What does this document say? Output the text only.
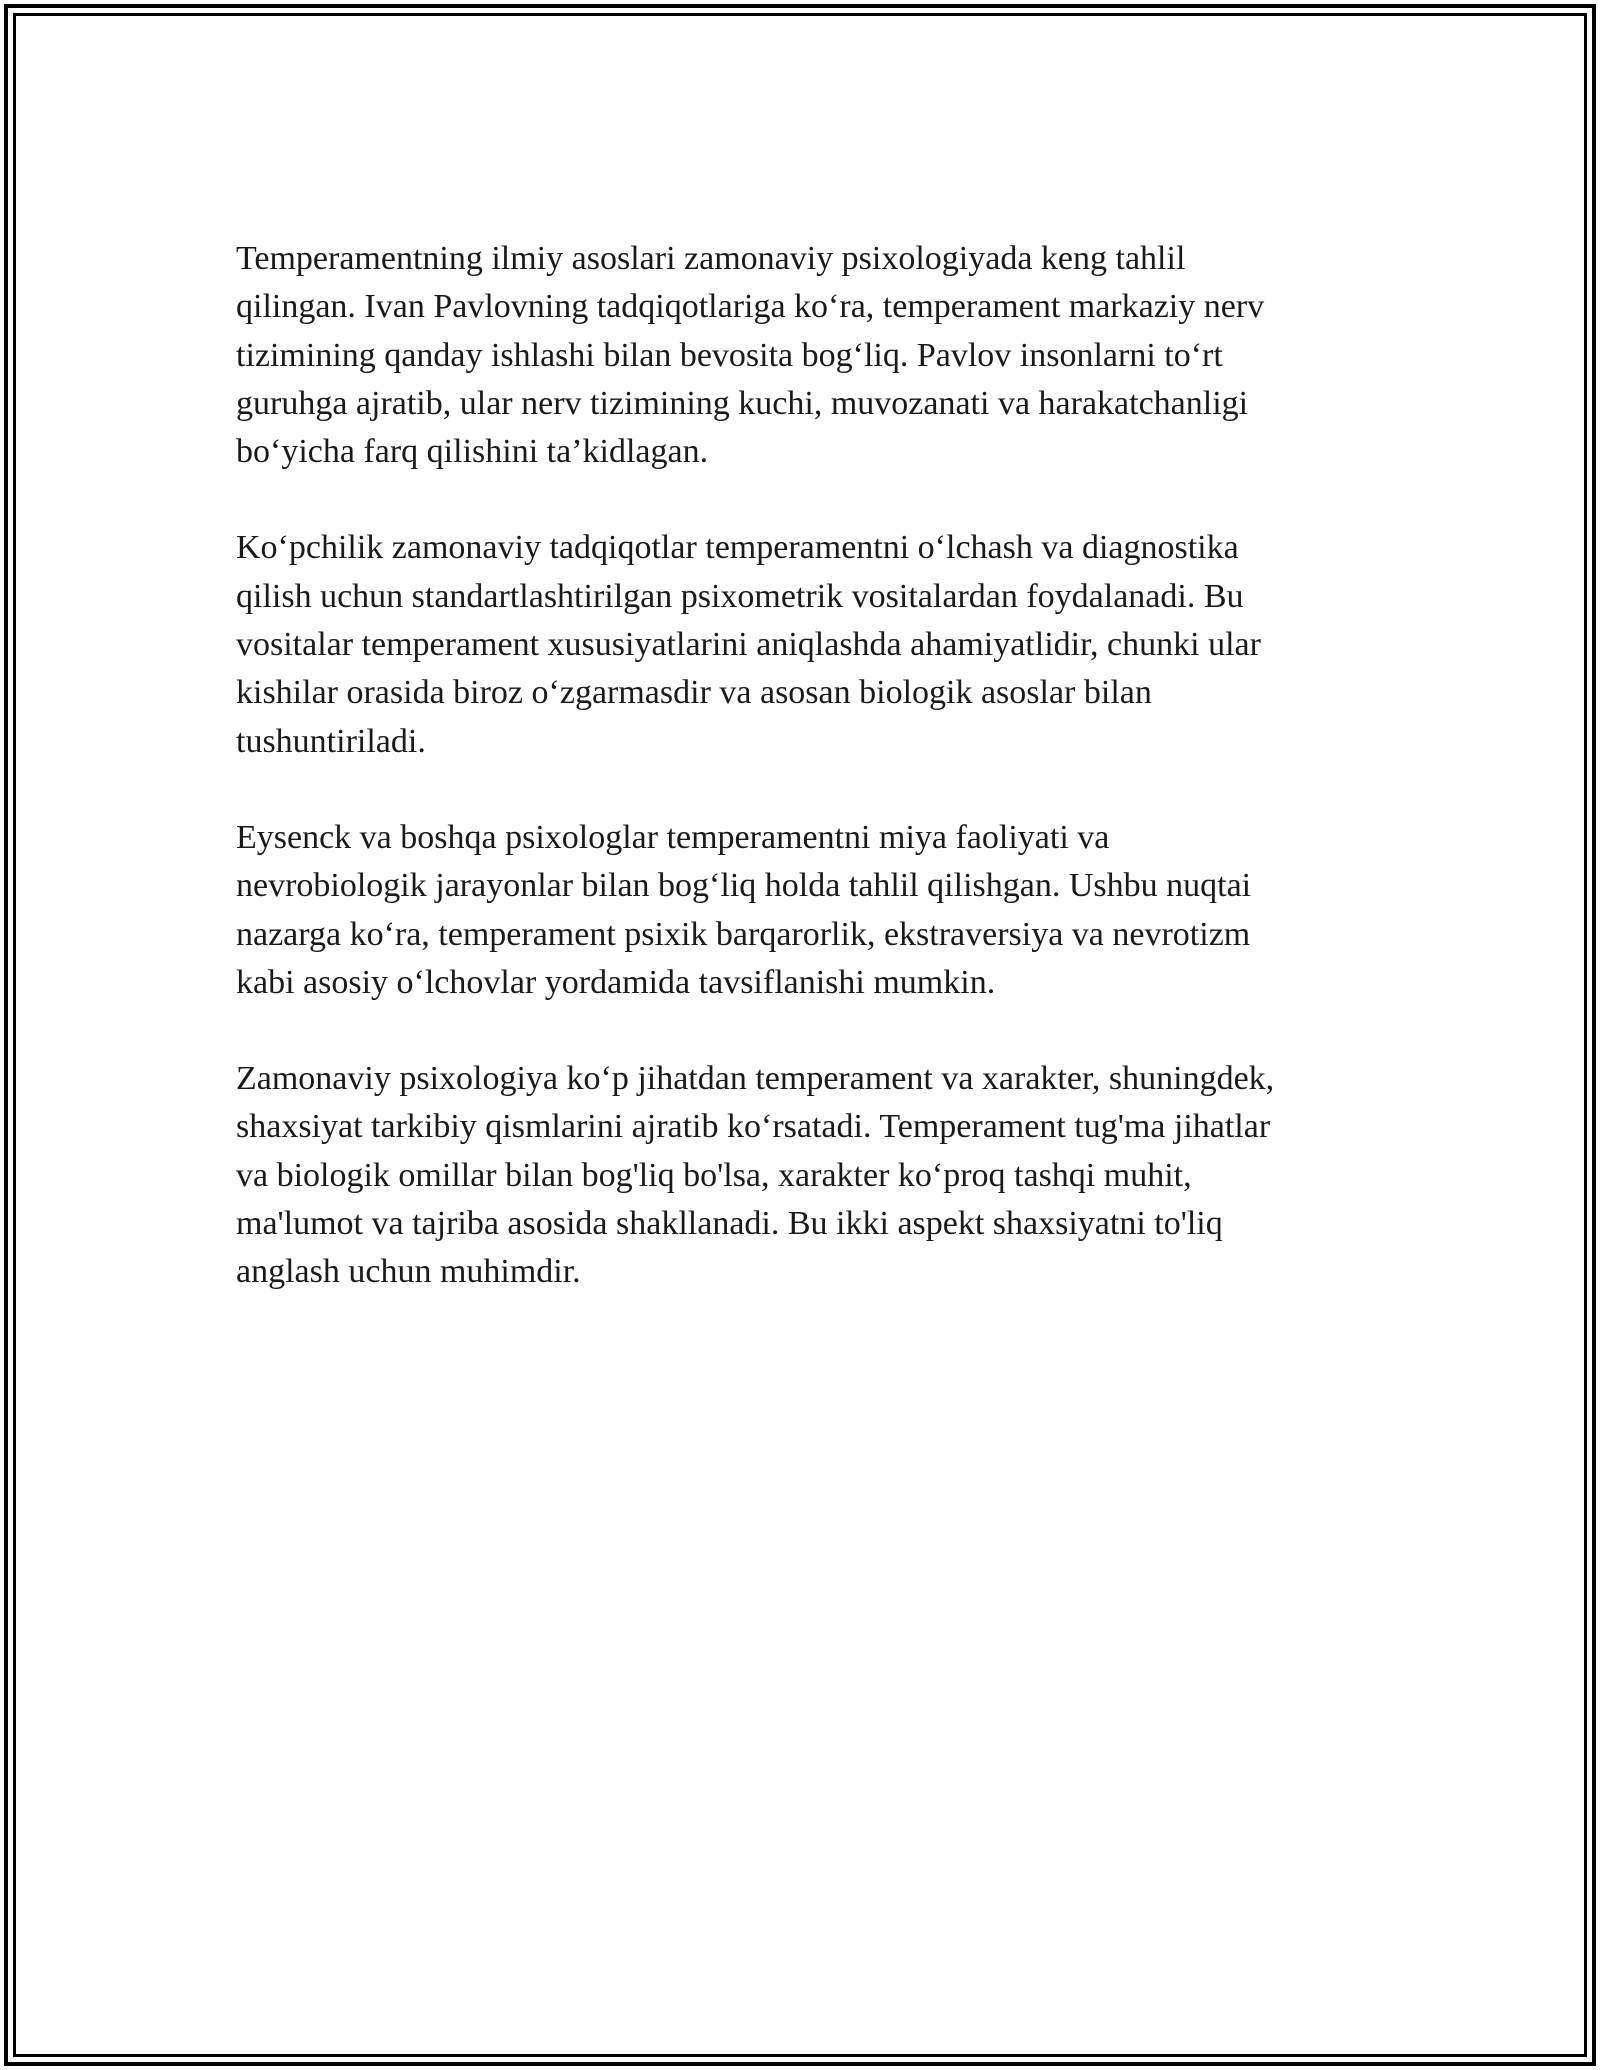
Temperamentning ilmiy asoslari zamonaviy psixologiyada keng tahlil
qilingan. Ivan Pavlovning tadqiqotlariga ko‘ra, temperament markaziy nerv
tizimining qanday ishlashi bilan bevosita bog‘liq. Pavlov insonlarni to‘rt
guruhga ajratib, ular nerv tizimining kuchi, muvozanati va harakatchanligi
bo‘yicha farq qilishini ta’kidlagan.

Ko‘pchilik zamonaviy tadqiqotlar temperamentni o‘lchash va diagnostika
qilish uchun standartlashtirilgan psixometrik vositalardan foydalanadi. Bu
vositalar temperament xususiyatlarini aniqlashda ahamiyatlidir, chunki ular
kishilar orasida biroz o‘zgarmasdir va asosan biologik asoslar bilan
tushuntiriladi.

Eysenck va boshqa psixologlar temperamentni miya faoliyati va
nevrobiologik jarayonlar bilan bog‘liq holda tahlil qilishgan. Ushbu nuqtai
nazarga ko‘ra, temperament psixik barqarorlik, ekstraversiya va nevrotizm
kabi asosiy o‘lchovlar yordamida tavsiflanishi mumkin.

Zamonaviy psixologiya ko‘p jihatdan temperament va xarakter, shuningdek,
shaxsiyat tarkibiy qismlarini ajratib ko‘rsatadi. Temperament tug'ma jihatlar
va biologik omillar bilan bog'liq bo'lsa, xarakter ko‘proq tashqi muhit,
ma'lumot va tajriba asosida shakllanadi. Bu ikki aspekt shaxsiyatni to'liq
anglash uchun muhimdir.
